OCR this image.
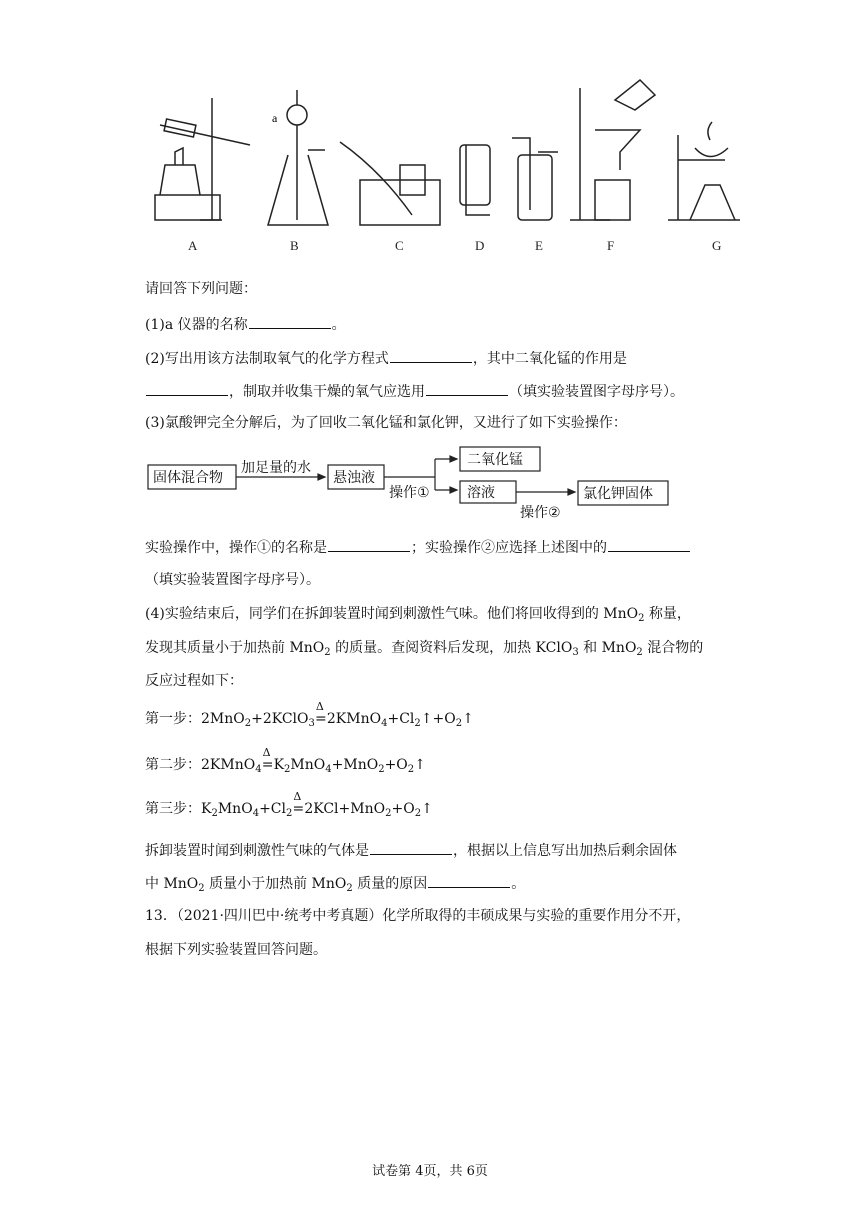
a
A	B	C	D	E	F	G
请回答下列问题：
(1)a 仪器的名称	。
(2)写出用该方法制取氧气的化学方程式	，其中二氧化锰的作用是
，制取并收集干燥的氧气应选用	（填实验装置图字母序号）。
(3)氯酸钾完全分解后，为了回收二氧化锰和氯化钾，又进行了如下实验操作：
固体混合物
加足量的水
悬浊液
操作①
二氧化锰
溶液
操作②
氯化钾固体
实验操作中，操作①的名称是	；实验操作②应选择上述图中的
（填实验装置图字母序号）。
(4)实验结束后，同学们在拆卸装置时闻到刺激性气味。他们将回收得到的 MnO$_2$ 称量，
发现其质量小于加热前 MnO$_2$ 的质量。查阅资料后发现，加热 KClO$_3$ 和 MnO$_2$ 混合物的
反应过程如下：
第一步：2MnO$_2$+2KClO$_3$
Δ
$=2KMnO_4+Cl_2↑+O_2↑$
第二步：2KMnO$_4$
Δ
$=K_2MnO_4+MnO_2+O_2↑$
第三步：$K_2MnO_4+Cl_2$
Δ
$=2KCl+MnO_2+O_2↑$
拆卸装置时闻到刺激性气味的气体是	，根据以上信息写出加热后剩余固体
中 MnO$_2$ 质量小于加热前 MnO$_2$ 质量的原因	。
13．（2021·四川巴中·统考中考真题）化学所取得的丰硕成果与实验的重要作用分不开，
根据下列实验装置回答问题。
试卷第 4页，共 6页
